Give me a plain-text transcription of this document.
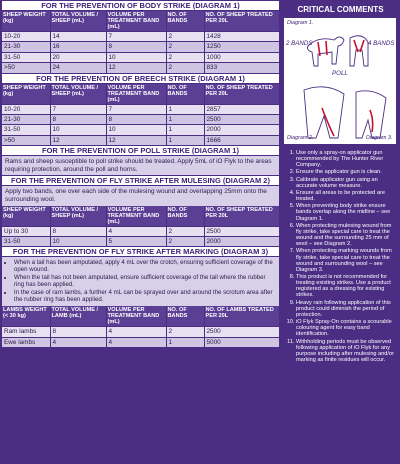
FOR THE PREVENTION OF BODY STRIKE (DIAGRAM 1)
SHEEP WEIGHT (kg)	TOTAL VOLUME / SHEEP (mL)	VOLUME PER TREATMENT BAND (mL)	NO. OF BANDS	NO. OF SHEEP TREATED PER 20L
10-20	14	7	2	1428
21-30	16	8	2	1250
31-50	20	10	2	1000
>50	24	12	2	833
FOR THE PREVENTION OF BREECH STRIKE (DIAGRAM 1)
SHEEP WEIGHT (kg)	TOTAL VOLUME / SHEEP (mL)	VOLUME PER TREATMENT BAND (mL)	NO. OF BANDS	NO. OF SHEEP TREATED PER 20L
10-20	7	7	1	2857
21-30	8	8	1	2500
31-50	10	10	1	2000
>50	12	12	1	1666
FOR THE PREVENTION OF POLL STRIKE (DIAGRAM 1)
Rams and sheep susceptible to poll strike should be treated. Apply 5mL of iO Flyk to the areas requiring protection, around the poll and horns.
FOR THE PREVENTION OF FLY STRIKE AFTER MULESING (DIAGRAM 2)
Apply two bands, one over each side of the mulesing wound and overlapping 25mm onto the surrounding wool.
SHEEP WEIGHT (kg)	TOTAL VOLUME / SHEEP (mL)	VOLUME PER TREATMENT BAND (mL)	NO. OF BANDS	NO. OF SHEEP TREATED PER 20L
Up to 30	8	4	2	2500
31-50	10	5	2	2000
FOR THE PREVENTION OF FLY STRIKE AFTER MARKING (DIAGRAM 3)
• When a tail has been amputated, apply 4 mL over the crotch, ensuring sufficient coverage of the open wound.
• When the tail has not been amputated, ensure sufficient coverage of the tail where the rubber ring has been applied.
• In the case of ram lambs, a further 4 mL can be sprayed over and around the scrotum area after the rubber ring has been applied.
LAMBS WEIGHT (< 30 kg)	TOTAL VOLUME / LAMB (mL)	VOLUME PER TREATMENT BAND (mL)	NO. OF BANDS	NO. OF LAMBS TREATED PER 20L
Ram lambs	8	4	2	2500
Ewe lambs	4	4	1	5000
CRITICAL COMMENTS
Diagram 1.
2 BANDS	4 BANDS
POLL
Diagram 2.	Diagram 3.
1. Use only a spray-on applicator gun recommended by The Hunter River Company.
2. Ensure the applicator gun is clean.
3. Calibrate applicator gun using an accurate volume measure.
4. Ensure all areas to be protected are treated.
5. When preventing body strike ensure bands overlap along the midline – see Diagram 1.
6. When protecting mulesing wound from fly strike, take special care to treat the wound and the surrounding 25 mm of wool – see Diagram 2.
7. When protecting marking wounds from fly strike, take special care to treat the wound and surrounding wool – see Diagram 3.
8. This product is not recommended for treating existing strikes. Use a product registered as a dressing for existing strikes.
9. Heavy rain following application of this product could diminish the period of protection.
10. iO Flyk Spray-On contains a scourable colouring agent for easy band identification.
11. Withholding periods must be observed following application of iO Flyk for any purpose including after mulesing and/or marking as finite residues will occur.
